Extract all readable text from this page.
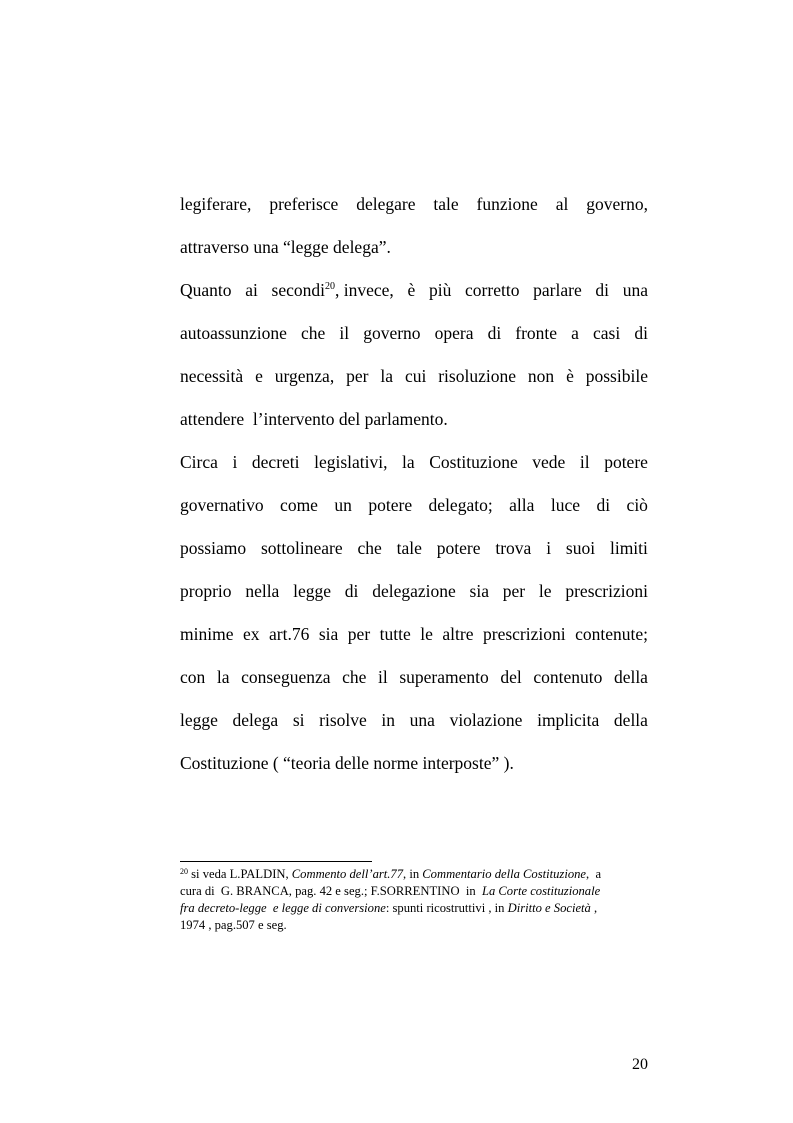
legiferare, preferisce delegare tale funzione al governo,
attraverso una “legge delega”.
Quanto ai secondi$^{20}$, invece, è più corretto parlare di una
autoassunzione che il governo opera di fronte a casi di
necessità e urgenza, per la cui risoluzione non è possibile
attendere  l’intervento del parlamento.
Circa i decreti legislativi, la Costituzione vede il potere
governativo come un potere delegato; alla luce di ciò
possiamo sottolineare che tale potere trova i suoi limiti
proprio nella legge di delegazione sia per le prescrizioni
minime ex art.76 sia per tutte le altre prescrizioni contenute;
con la conseguenza che il superamento del contenuto della
legge delega si risolve in una violazione implicita della
Costituzione ( “teoria delle norme interposte” ).
$^{20}$ si veda L.PALDIN, Commento dell’art.77, in Commentario della Costituzione,  a
cura di  G. BRANCA, pag. 42 e seg.; F.SORRENTINO  in  La Corte costituzionale
fra decreto-legge  e legge di conversione: spunti ricostruttivi , in Diritto e Società ,
1974 , pag.507 e seg.
20
